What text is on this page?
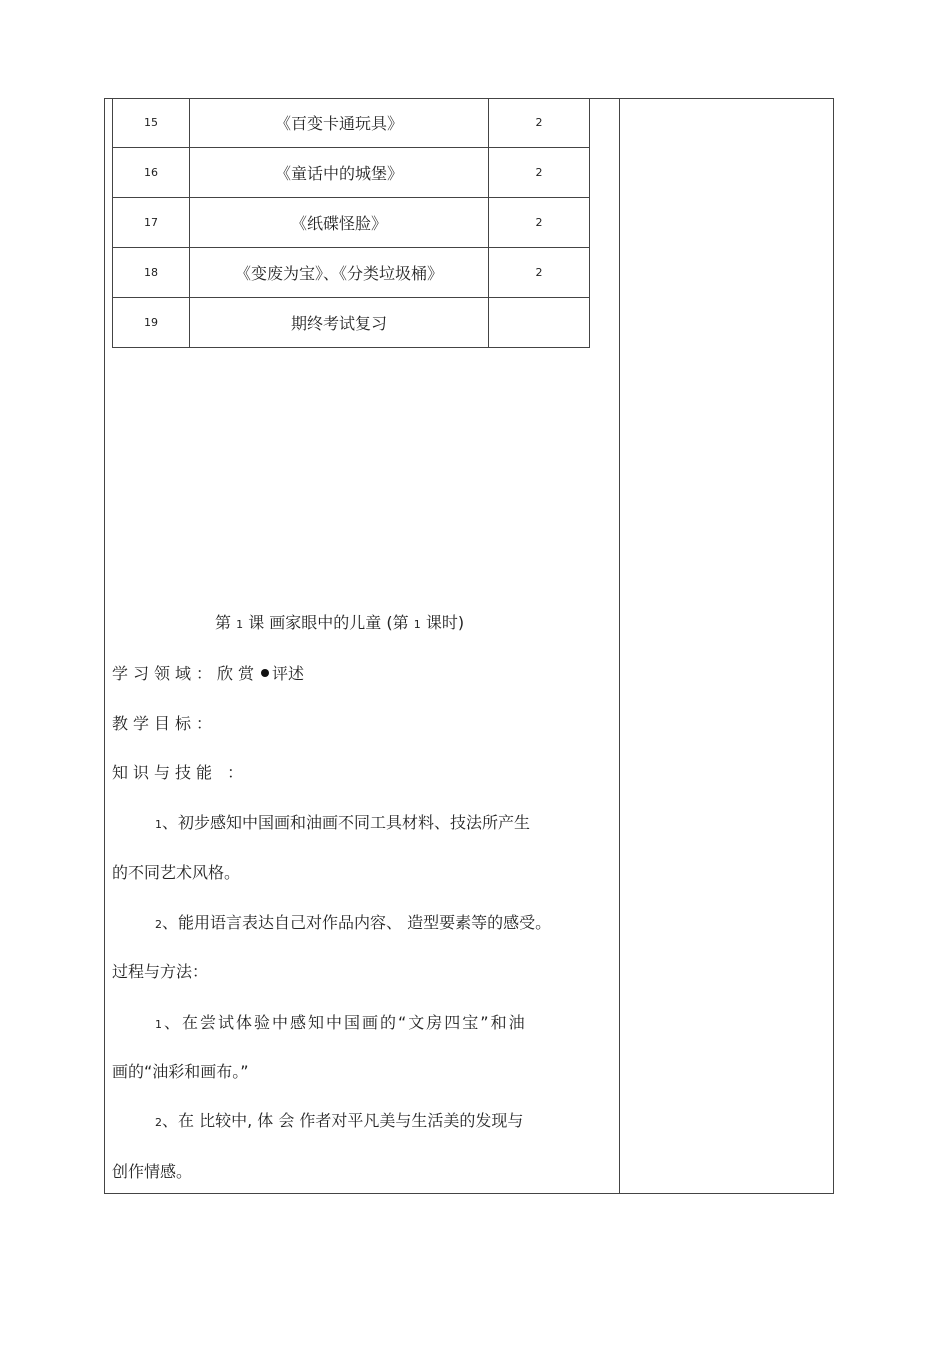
15	《百变卡通玩具》	2
16	《童话中的城堡》	2
17	《纸碟怪脸》	2
18	《变废为宝》、《分类垃圾桶》	2
19	期终考试复习	
第 1 课 画家眼中的儿童 (第 1 课时)
学习领域：欣赏 评述
教学目标：
知识与技能 ：
1、初步感知中国画和油画不同工具材料、技法所产生
的不同艺术风格。
2、能用语言表达自己对作品内容、 造型要素等的感受。
过程与方法：
1、在尝试体验中感知中国画的“文房四宝”和油
画的“油彩和画布。”
2、在 比较中, 体 会 作者对平凡美与生活美的发现与
创作情感。
